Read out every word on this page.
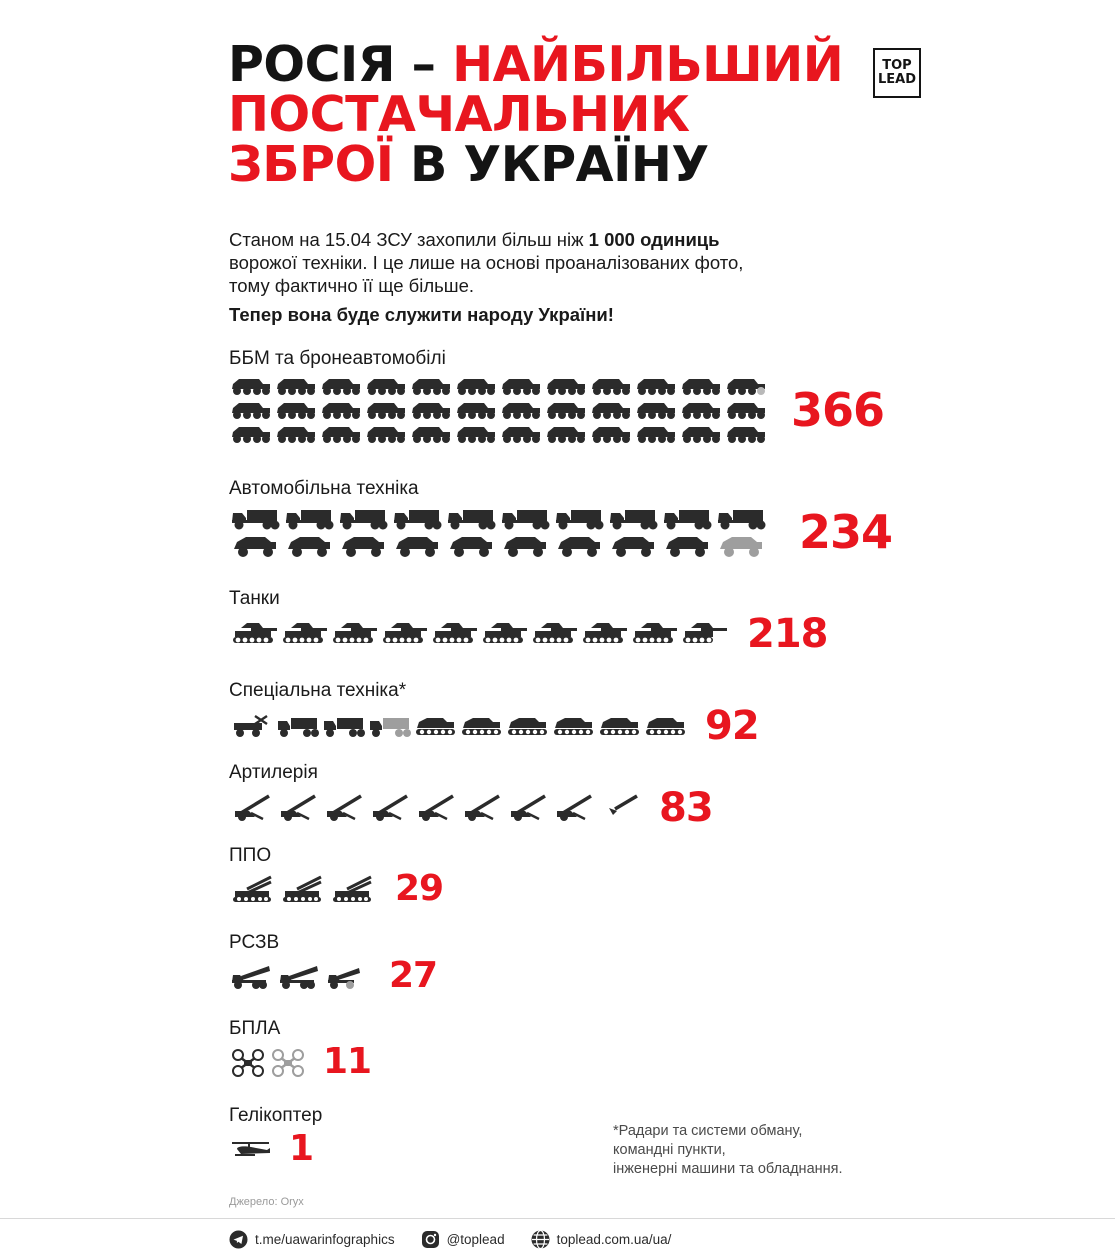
РОСІЯ – НАЙБІЛЬШИЙ
ПОСТАЧАЛЬНИК
ЗБРОЇ В УКРАЇНУ
TOP
LEAD
Станом на 15.04 ЗСУ захопили більш ніж 1 000 одиниць
ворожої техніки. І це лише на основі проаналізованих фото,
тому фактично її ще більше.
Тепер вона буде служити народу України!
ББМ та бронеавтомобілі
366
Автомобільна техніка
234
Танки
218
Спеціальна техніка*
92
Артилерія
83
ППО
29
РСЗВ
27
БПЛА
11
Гелікоптер
1	*Радари та системи обману,
командні пункти,
інженерні машини та обладнання.
Джерело: Oryx
t.me/uawarinfographics	@toplead	toplead.com.ua/ua/
